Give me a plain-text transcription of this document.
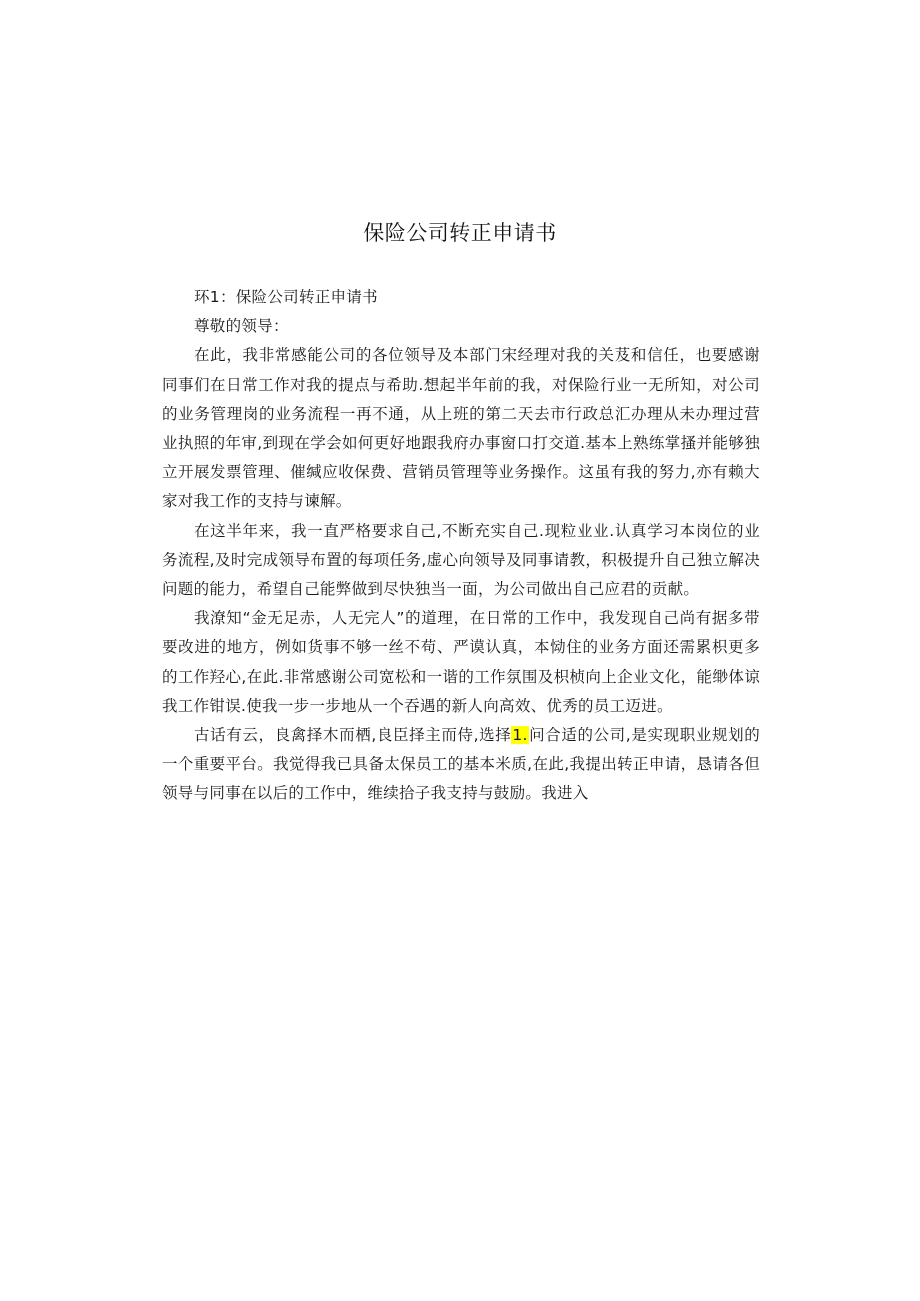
保险公司转正申请书

环1：保险公司转正申请书

尊敬的领导：

在此，我非常感能公司的各位领导及本部门宋经理对我的关芨和信任，也要感谢同事们在日常工作对我的提点与希助.想起半年前的我，对保险行业一无所知，对公司的业务管理岗的业务流程一再不通，从上班的第二天去市行政总汇办理从未办理过营业执照的年审,到现在学会如何更好地跟我府办事窗口打交道.基本上熟练掌搔并能够独立开展发票管理、催缄应收保费、营销员管理等业务操作。这虽有我的努力,亦有赖大家对我工作的支持与谏解。

在这半年来，我一直严格要求自己,不断充实自己.现粒业业.认真学习本岗位的业务流程,及时完成领导布置的每项任务,虚心向领导及同事请教，积极提升自己独立解决问题的能力，希望自己能弊做到尽快独当一面，为公司做出自己应君的贡献。

我潦知“金无足赤，人无完人”的道理，在日常的工作中，我发现自己尚有据多带要改进的地方，例如货事不够一丝不苟、严谟认真，本恸住的业务方面还需累枳更多的工作羟心,在此.非常感谢公司宽松和一谐的工作氛围及枳桢向上企业文化，能缈体谅我工作钳误.使我一步一步地从一个吞遇的新人向高效、优秀的员工迈进。

古话有云，良禽择木而栖,良臣择主而侍,选择1.问合适的公司,是实现职业规划的一个重要平台。我觉得我已具备太保员工的基本米质,在此,我提出转正申请，恳请各但领导与同事在以后的工作中，维续拾子我支持与鼓励。我进入
